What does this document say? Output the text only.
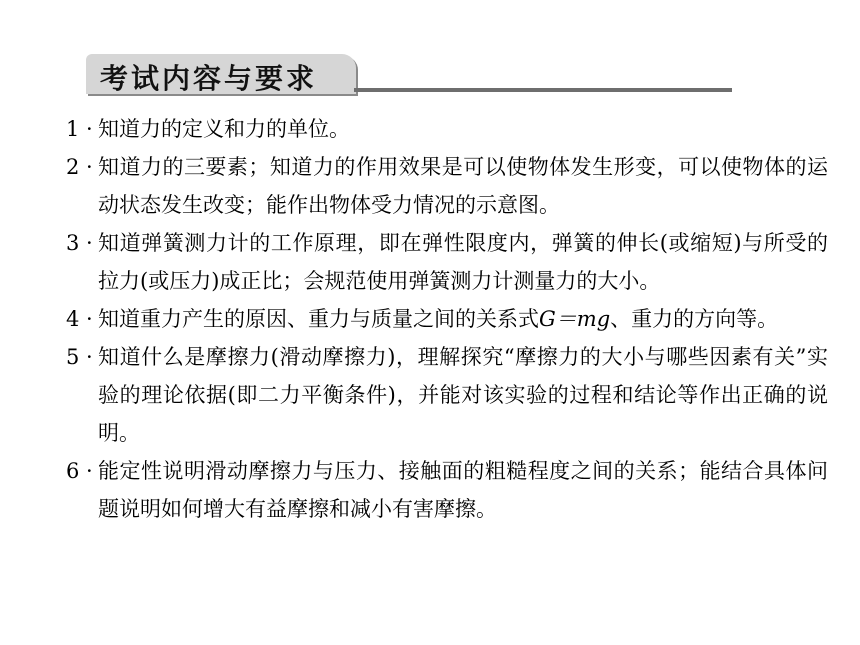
考试内容与要求
1 · 知道力的定义和力的单位。
2 · 知道力的三要素；知道力的作用效果是可以使物体发生形变，可以使物体的运动状态发生改变；能作出物体受力情况的示意图。
3 · 知道弹簧测力计的工作原理，即在弹性限度内，弹簧的伸长(或缩短)与所受的拉力(或压力)成正比；会规范使用弹簧测力计测量力的大小。
4 · 知道重力产生的原因、重力与质量之间的关系式G＝mg、重力的方向等。
5 · 知道什么是摩擦力(滑动摩擦力)，理解探究“摩擦力的大小与哪些因素有关”实验的理论依据(即二力平衡条件)，并能对该实验的过程和结论等作出正确的说明。
6 · 能定性说明滑动摩擦力与压力、接触面的粗糙程度之间的关系；能结合具体问题说明如何增大有益摩擦和减小有害摩擦。
